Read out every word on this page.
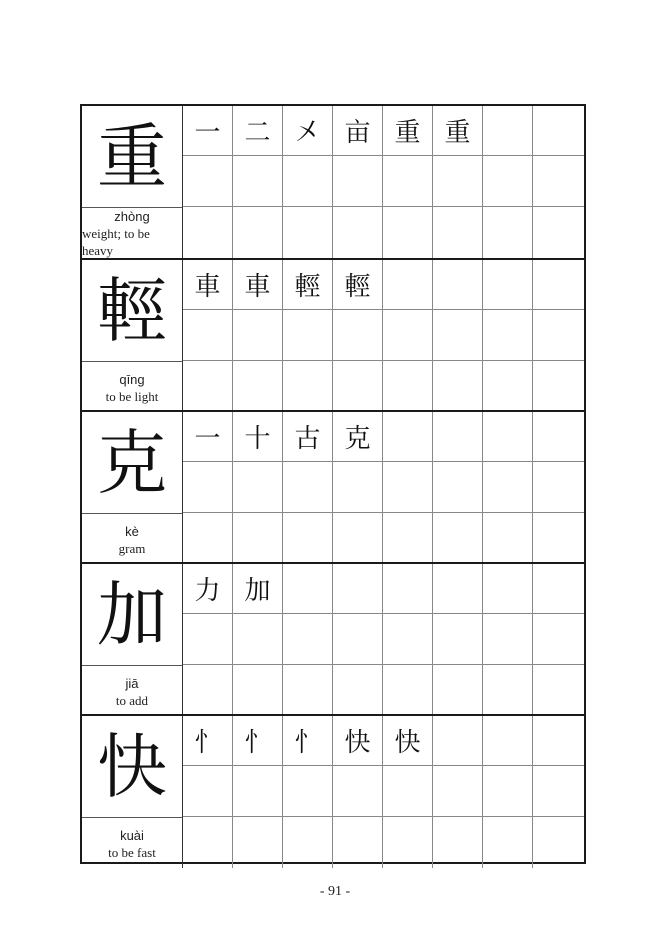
重
zhòng
weight; to be heavy
一 二 㐅 亩 重 重
輕
qīng
to be light
車 車 輕 輕
克
kè
gram
一 十 古 克
加
jiā
to add
力 加
快
kuài
to be fast
忄 忄 忄 快 快
- 91 -
